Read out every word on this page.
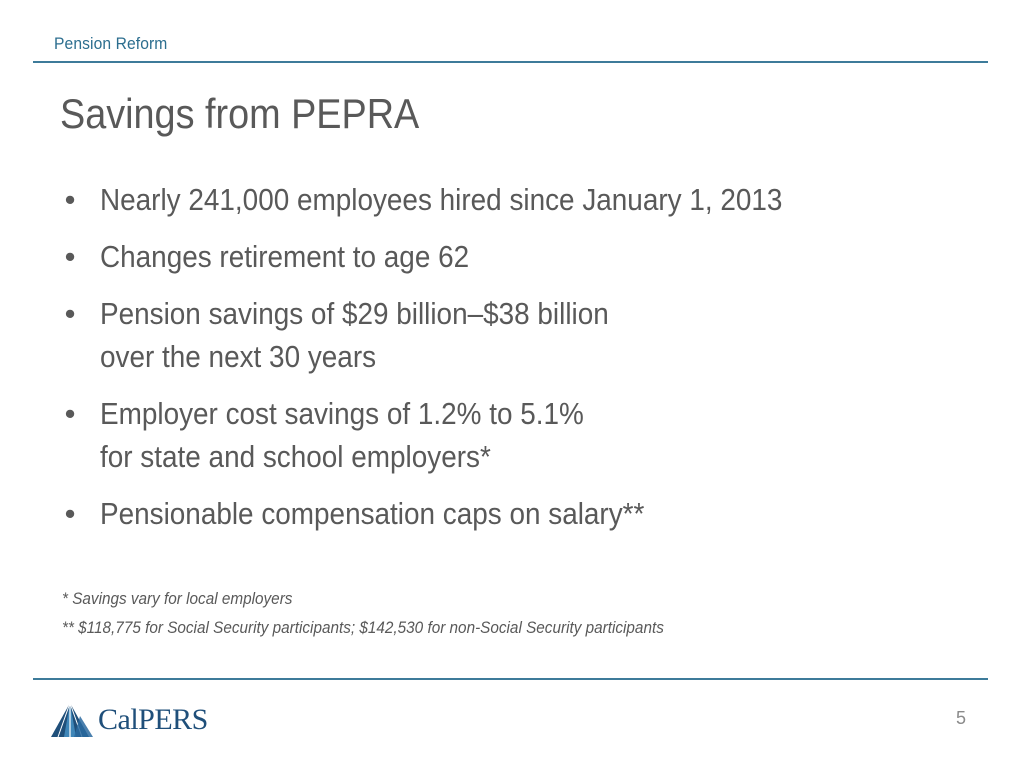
Pension Reform
Savings from PEPRA
• Nearly 241,000 employees hired since January 1, 2013
• Changes retirement to age 62
• Pension savings of $29 billion–$38 billion
over the next 30 years
• Employer cost savings of 1.2% to 5.1%
for state and school employers*
• Pensionable compensation caps on salary**
* Savings vary for local employers
** $118,775 for Social Security participants; $142,530 for non-Social Security participants
CalPERS	5
